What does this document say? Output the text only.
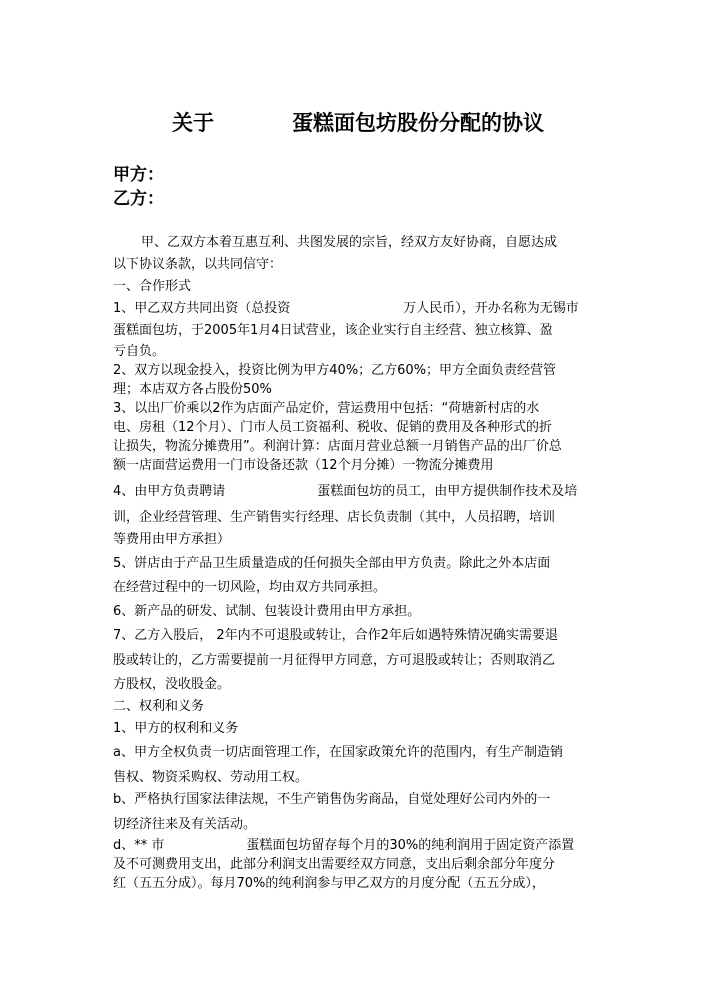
关于	蛋糕面包坊股份分配的协议
甲方：
乙方：
甲、乙双方本着互惠互利、共图发展的宗旨，经双方友好协商，自愿达成
以下协议条款，以共同信守：
一、合作形式
1、甲乙双方共同出资（总投资	万人民币），开办名称为无锡市
蛋糕面包坊，于2005年1月4日试营业，该企业实行自主经营、独立核算、盈
亏自负。
2、双方以现金投入，投资比例为甲方40%；乙方60%；甲方全面负责经营管
理；本店双方各占股份50%
3、以出厂价乘以2作为店面产品定价，营运费用中包括：“荷塘新村店的水
电、房租（12个月）、门市人员工资福利、税收、促销的费用及各种形式的折
让损失，物流分摊费用”。利润计算：店面月营业总额一月销售产品的出厂价总
额一店面营运费用一门市设备还款（12个月分摊）一物流分摊费用
4、由甲方负责聘请	蛋糕面包坊的员工，由甲方提供制作技术及培
训，企业经营管理、生产销售实行经理、店长负责制（其中，人员招聘，培训
等费用由甲方承担）
5、饼店由于产品卫生质量造成的任何损失全部由甲方负责。除此之外本店面
在经营过程中的一切风险，均由双方共同承担。
6、新产品的研发、试制、包装设计费用由甲方承担。
7、乙方入股后， 2年内不可退股或转让，合作2年后如遇特殊情况确实需要退
股或转让的，乙方需要提前一月征得甲方同意，方可退股或转让；否则取消乙
方股权，没收股金。
二、权利和义务
1、甲方的权利和义务
a、甲方全权负责一切店面管理工作，在国家政策允许的范围内，有生产制造销
售权、物资采购权、劳动用工权。
b、严格执行国家法律法规，不生产销售伪劣商品，自觉处理好公司内外的一
切经济往来及有关活动。
d、** 市	蛋糕面包坊留存每个月的30%的纯利润用于固定资产添置
及不可测费用支出，此部分利润支出需要经双方同意，支出后剩余部分年度分
红（五五分成）。每月70%的纯利润参与甲乙双方的月度分配（五五分成），
